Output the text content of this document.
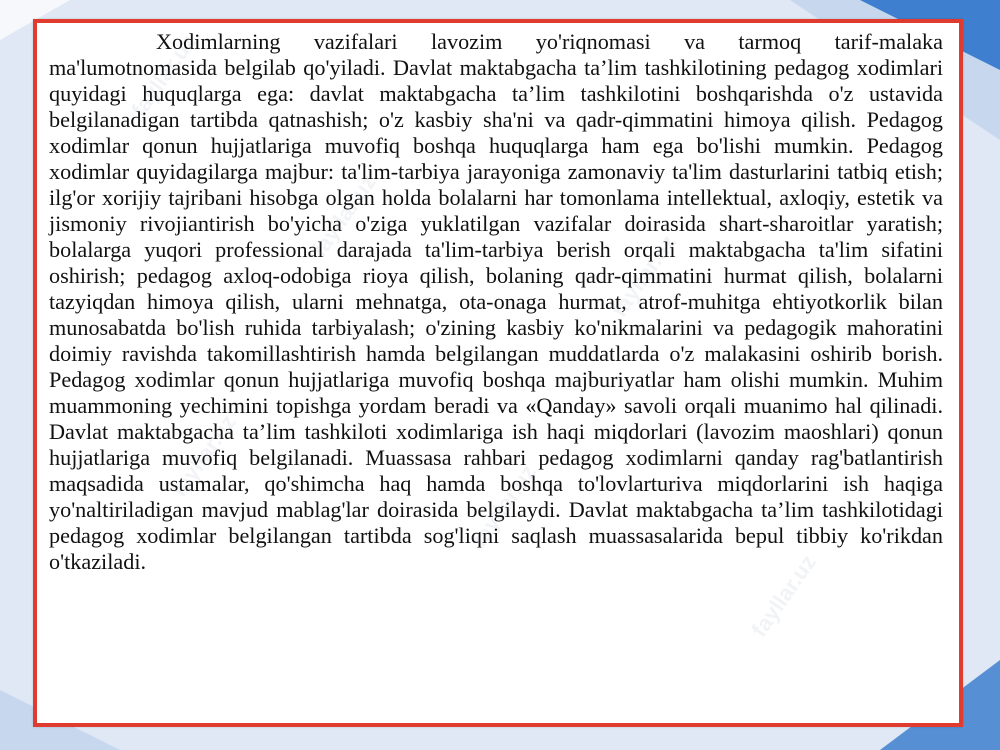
Xodimlarning vazifalari lavozim yo'riqnomasi va tarmoq tarif-malaka ma'lumotnomasida belgilab qo'yiladi. Davlat maktabgacha ta’lim tashkilotining pedagog xodimlari quyidagi huquqlarga ega: davlat maktabgacha ta’lim tashkilotini boshqarishda o'z ustavida belgilanadigan tartibda qatnashish; o'z kasbiy sha'ni va qadr-qimmatini himoya qilish. Pedagog xodimlar qonun hujjatlariga muvofiq boshqa huquqlarga ham ega bo'lishi mumkin. Pedagog xodimlar quyidagilarga majbur: ta'lim-tarbiya jarayoniga zamonaviy ta'lim dasturlarini tatbiq etish; ilg'or xorijiy tajribani hisobga olgan holda bolalarni har tomonlama intellektual, axloqiy, estetik va jismoniy rivojiantirish bo'yicha o'ziga yuklatilgan vazifalar doirasida shart-sharoitlar yaratish; bolalarga yuqori professional darajada ta'lim-tarbiya berish orqali maktabgacha ta'lim sifatini oshirish; pedagog axloq-odobiga rioya qilish, bolaning qadr-qimmatini hurmat qilish, bolalarni tazyiqdan himoya qilish, ularni mehnatga, ota-onaga hurmat, atrof-muhitga ehtiyotkorlik bilan munosabatda bo'lish ruhida tarbiyalash; o'zining kasbiy ko'nikmalarini va pedagogik mahoratini doimiy ravishda takomillashtirish hamda belgilangan muddatlarda o'z malakasini oshirib borish. Pedagog xodimlar qonun hujjatlariga muvofiq boshqa majburiyatlar ham olishi mumkin. Muhim muammoning yechimini topishga yordam beradi va «Qanday» savoli orqali muanimo hal qilinadi. Davlat maktabgacha ta’lim tashkiloti xodimlariga ish haqi miqdorlari (lavozim maoshlari) qonun hujjatlariga muvofiq belgilanadi. Muassasa rahbari pedagog xodimlarni qanday rag'batlantirish maqsadida ustamalar, qo'shimcha haq hamda boshqa to'lovlarturiva miqdorlarini ish haqiga yo'naltiriladigan mavjud mablag'lar doirasida belgilaydi. Davlat maktabgacha ta’lim tashkilotidagi pedagog xodimlar belgilangan tartibda sog'liqni saqlash muassasalarida bepul tibbiy ko'rikdan o'tkaziladi.

fayllar.uz
fayllar.uz
fayllar.uz
fayllar.uz
fayllar.uz
fayllar.uz
